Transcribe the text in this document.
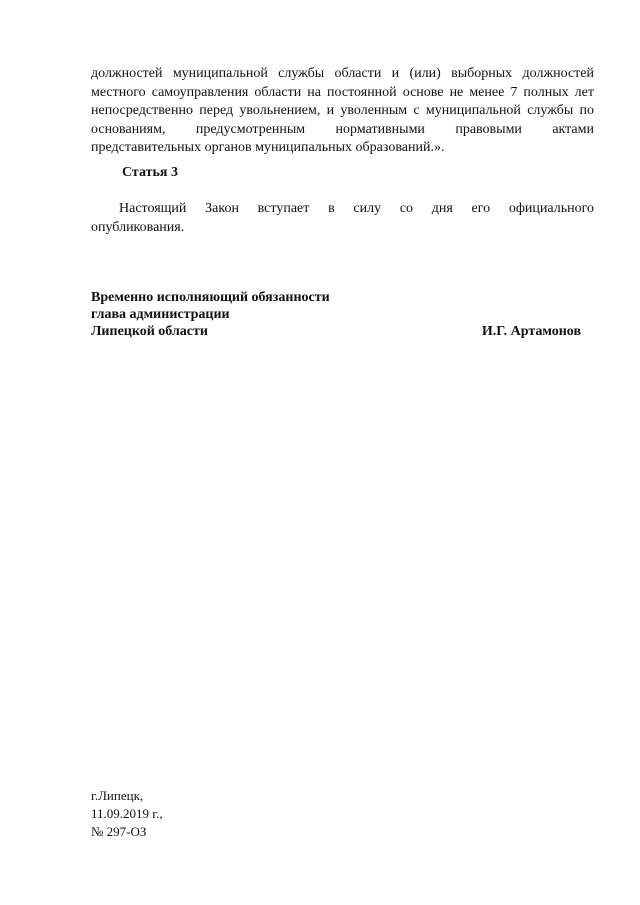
должностей муниципальной службы области и (или) выборных должностей местного самоуправления области на постоянной основе не менее 7 полных лет непосредственно перед увольнением, и уволенным с муниципальной службы по основаниям, предусмотренным нормативными правовыми актами представительных органов муниципальных образований.».

Статья 3

Настоящий Закон вступает в силу со дня его официального опубликования.

Временно исполняющий обязанности
глава администрации
Липецкой области	И.Г. Артамонов
г.Липецк,
11.09.2019 г.,
№ 297-ОЗ
